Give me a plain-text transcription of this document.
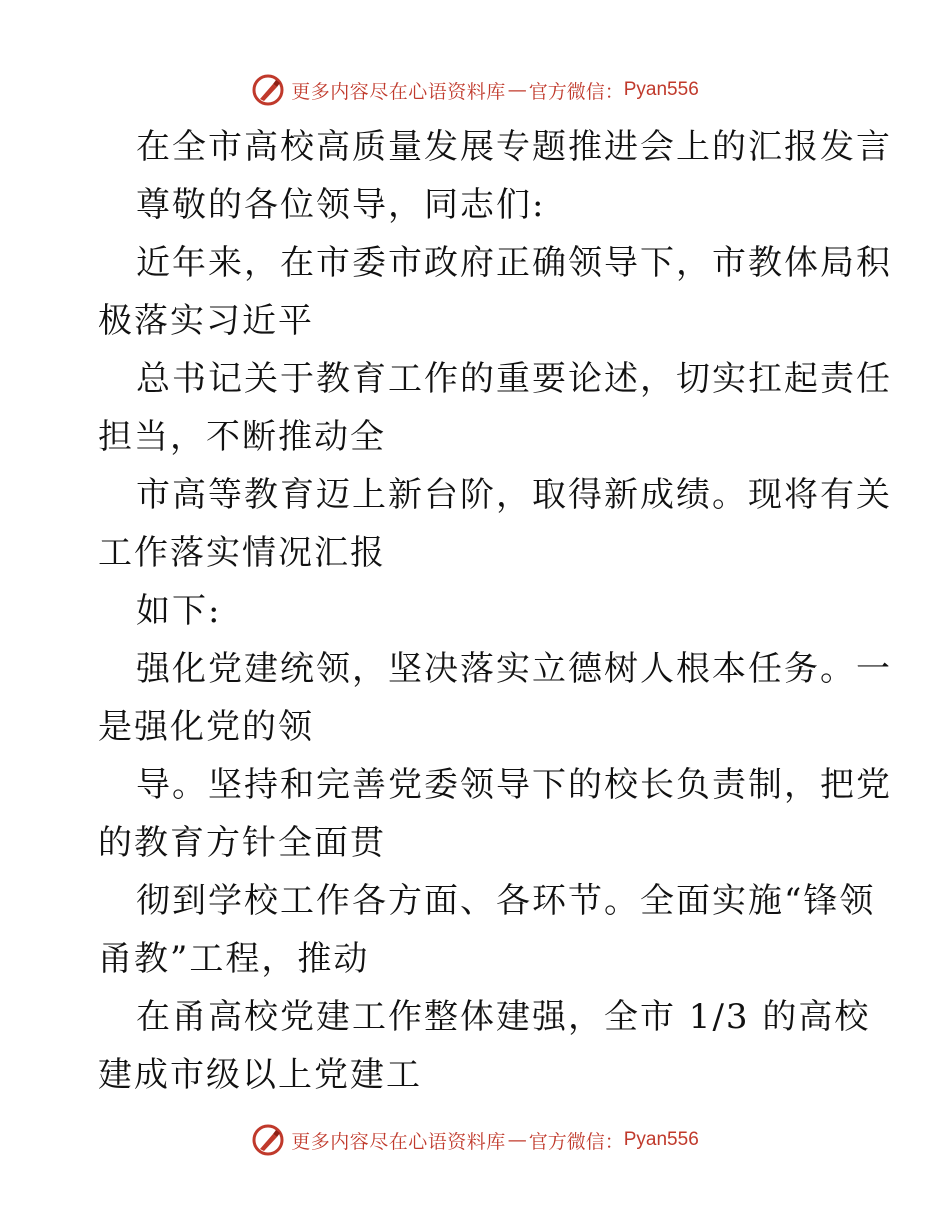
更多内容尽在心语资料库 — 官方微信： Pyan556
在全市高校高质量发展专题推进会上的汇报发言
尊敬的各位领导，同志们:
近年来，在市委市政府正确领导下，市教体局积
极落实习近平
总书记关于教育工作的重要论述，切实扛起责任
担当，不断推动全
市高等教育迈上新台阶，取得新成绩。现将有关
工作落实情况汇报
如下:
强化党建统领，坚决落实立德树人根本任务。一
是强化党的领
导。坚持和完善党委领导下的校长负责制，把党
的教育方针全面贯
彻到学校工作各方面、各环节。全面实施“锋领
甬教”工程，推动
在甬高校党建工作整体建强，全市 1/3 的高校
建成市级以上党建工
更多内容尽在心语资料库 — 官方微信： Pyan556
